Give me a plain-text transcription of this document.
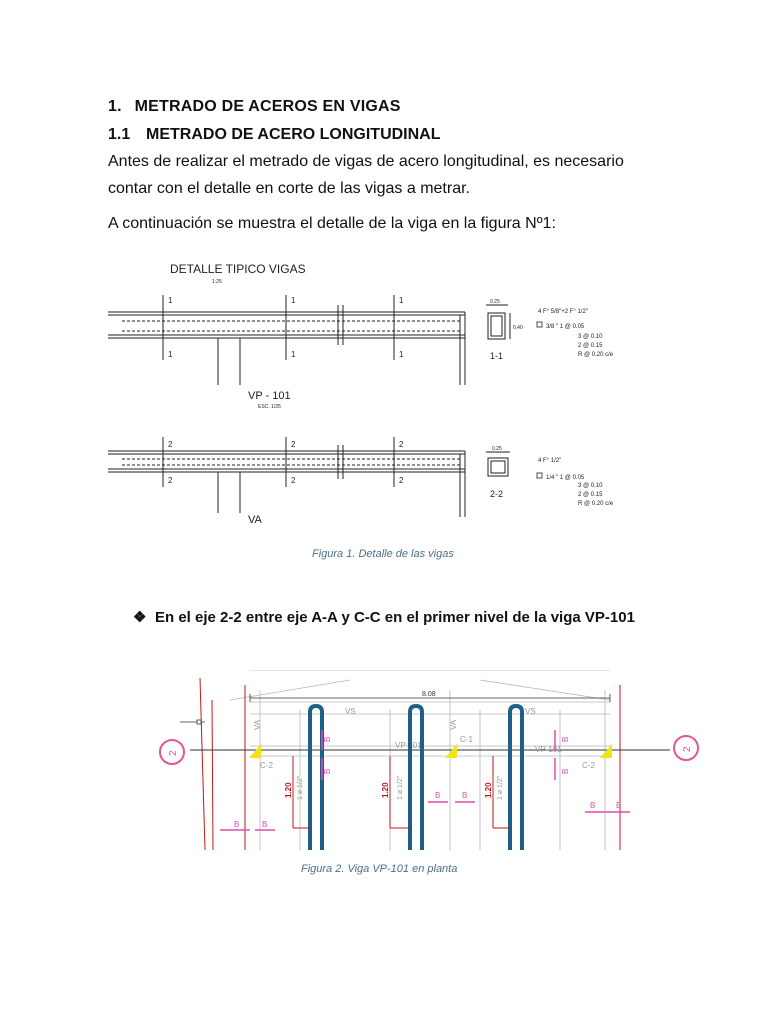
1. METRADO DE ACEROS EN VIGAS
1.1 METRADO DE ACERO LONGITUDINAL
Antes de realizar el metrado de vigas de acero longitudinal, es necesario contar con el detalle en corte de las vigas a metrar.
A continuación se muestra el detalle de la viga en la figura Nº1:
DETALLE TIPICO VIGAS
1:25
1	1	1
1	1	1
VP - 101
ESC. 1/25
0.25
0,40
1-1
4 F° 5/8"+2 F° 1/2"
3/8 " 1 @ 0.05
3 @ 0.10
2 @ 0.15
R @ 0.20 c/e
2	2	2
2	2	2
VA
0.25
2-2
4 F° 1/2"
1/4 " 1 @ 0.05
3 @ 0.10
2 @ 0.15
R @ 0.20 c/e
Figura 1. Detalle de las vigas
❖ En el eje 2-2 entre eje A-A y C-C en el primer nivel de la viga VP-101
8.08
2
2
VP-101	VP-101
VS	VS
C-2
C-1
C-2
VA	VA
1.20	1.20	1.20
1 ø 1/2"	1 ø 1/2"	1 ø 1/2"
B	B
B	B
B	B
B
B
B
B
Figura 2. Viga VP-101 en planta
